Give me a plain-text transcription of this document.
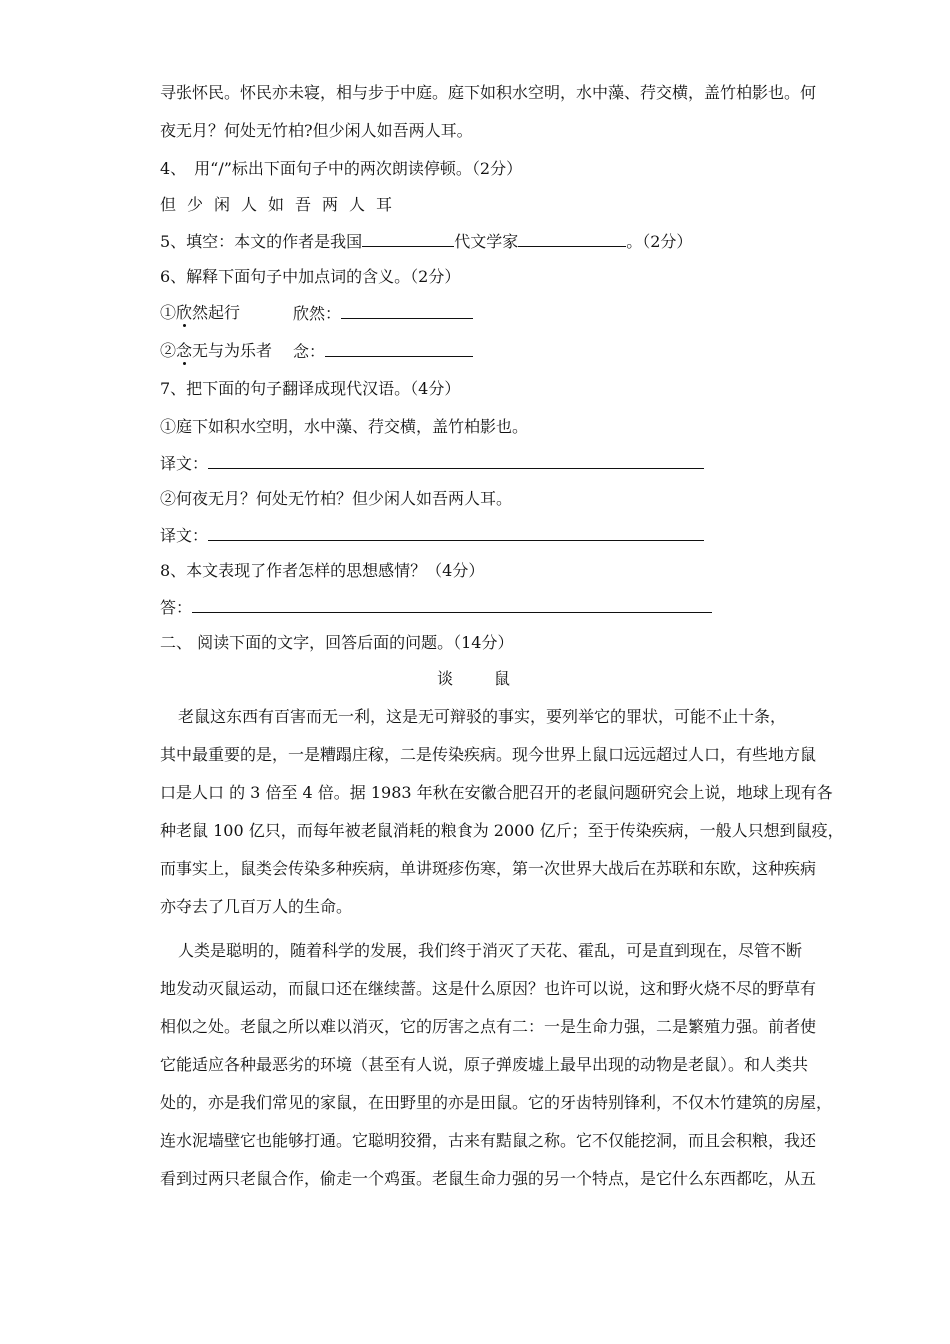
寻张怀民。怀民亦未寝，相与步于中庭。庭下如积水空明，水中藻、荇交横，盖竹柏影也。何
夜无月？何处无竹柏?但少闲人如吾两人耳。
4、　用“/”标出下面句子中的两次朗读停顿。（2分）
但少闲人如吾两人耳
5、填空：本文的作者是我国	代文学家	。（2分）
6、解释下面句子中加点词的含义。（2分）
①欣然起行	欣然：
②念无与为乐者 念：
7、把下面的句子翻译成现代汉语。（4分）
①庭下如积水空明，水中藻、荇交横，盖竹柏影也。
译文：
②何夜无月？何处无竹柏？但少闲人如吾两人耳。
译文：
8、本文表现了作者怎样的思想感情？（4分）
答：
二、 阅读下面的文字，回答后面的问题。（14分）
谈　　鼠
老鼠这东西有百害而无一利，这是无可辩驳的事实，要列举它的罪状，可能不止十条，
其中最重要的是，一是糟蹋庄稼，二是传染疾病。现今世界上鼠口远远超过人口，有些地方鼠
口是人口 的 3 倍至 4 倍。据 1983 年秋在安徽合肥召开的老鼠问题研究会上说，地球上现有各
种老鼠 100 亿只，而每年被老鼠消耗的粮食为 2000 亿斤；至于传染疾病，一般人只想到鼠疫，
而事实上，鼠类会传染多种疾病，单讲斑疹伤寒，第一次世界大战后在苏联和东欧，这种疾病
亦夺去了几百万人的生命。
人类是聪明的，随着科学的发展，我们终于消灭了天花、霍乱，可是直到现在，尽管不断
地发动灭鼠运动，而鼠口还在继续蔷。这是什么原因？也许可以说，这和野火烧不尽的野草有
相似之处。老鼠之所以难以消灭，它的厉害之点有二：一是生命力强，二是繁殖力强。前者使
它能适应各种最恶劣的环境（甚至有人说，原子弹废墟上最早出现的动物是老鼠）。和人类共
处的，亦是我们常见的家鼠，在田野里的亦是田鼠。它的牙齿特别锋利，不仅木竹建筑的房屋，
连水泥墙壁它也能够打通。它聪明狡猾，古来有黠鼠之称。它不仅能挖洞，而且会积粮，我还
看到过两只老鼠合作，偷走一个鸡蛋。老鼠生命力强的另一个特点，是它什么东西都吃，从五
